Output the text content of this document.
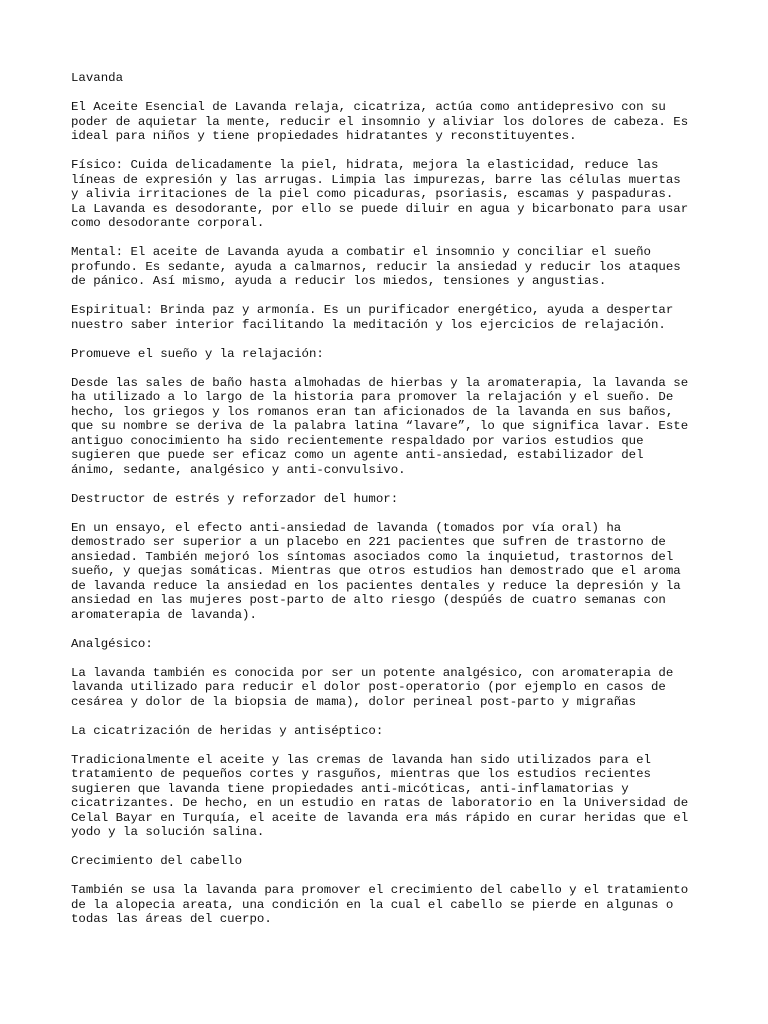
Lavanda

El Aceite Esencial de Lavanda relaja, cicatriza, actúa como antidepresivo con su
poder de aquietar la mente, reducir el insomnio y aliviar los dolores de cabeza. Es
ideal para niños y tiene propiedades hidratantes y reconstituyentes.

Físico: Cuida delicadamente la piel, hidrata, mejora la elasticidad, reduce las
líneas de expresión y las arrugas. Limpia las impurezas, barre las células muertas
y alivia irritaciones de la piel como picaduras, psoriasis, escamas y paspaduras.
La Lavanda es desodorante, por ello se puede diluir en agua y bicarbonato para usar
como desodorante corporal.

Mental: El aceite de Lavanda ayuda a combatir el insomnio y conciliar el sueño
profundo. Es sedante, ayuda a calmarnos, reducir la ansiedad y reducir los ataques
de pánico. Así mismo, ayuda a reducir los miedos, tensiones y angustias.

Espiritual: Brinda paz y armonía. Es un purificador energético, ayuda a despertar
nuestro saber interior facilitando la meditación y los ejercicios de relajación.

Promueve el sueño y la relajación:

Desde las sales de baño hasta almohadas de hierbas y la aromaterapia, la lavanda se
ha utilizado a lo largo de la historia para promover la relajación y el sueño. De
hecho, los griegos y los romanos eran tan aficionados de la lavanda en sus baños,
que su nombre se deriva de la palabra latina “lavare”, lo que significa lavar. Este
antiguo conocimiento ha sido recientemente respaldado por varios estudios que
sugieren que puede ser eficaz como un agente anti-ansiedad, estabilizador del
ánimo, sedante, analgésico y anti-convulsivo.

Destructor de estrés y reforzador del humor:

En un ensayo, el efecto anti-ansiedad de lavanda (tomados por vía oral) ha
demostrado ser superior a un placebo en 221 pacientes que sufren de trastorno de
ansiedad. También mejoró los síntomas asociados como la inquietud, trastornos del
sueño, y quejas somáticas. Mientras que otros estudios han demostrado que el aroma
de lavanda reduce la ansiedad en los pacientes dentales y reduce la depresión y la
ansiedad en las mujeres post-parto de alto riesgo (despúés de cuatro semanas con
aromaterapia de lavanda).

Analgésico:

La lavanda también es conocida por ser un potente analgésico, con aromaterapia de
lavanda utilizado para reducir el dolor post-operatorio (por ejemplo en casos de
cesárea y dolor de la biopsia de mama), dolor perineal post-parto y migrañas

La cicatrización de heridas y antiséptico:

Tradicionalmente el aceite y las cremas de lavanda han sido utilizados para el
tratamiento de pequeños cortes y rasguños, mientras que los estudios recientes
sugieren que lavanda tiene propiedades anti-micóticas, anti-inflamatorias y
cicatrizantes. De hecho, en un estudio en ratas de laboratorio en la Universidad de
Celal Bayar en Turquía, el aceite de lavanda era más rápido en curar heridas que el
yodo y la solución salina.

Crecimiento del cabello

También se usa la lavanda para promover el crecimiento del cabello y el tratamiento
de la alopecia areata, una condición en la cual el cabello se pierde en algunas o
todas las áreas del cuerpo.
